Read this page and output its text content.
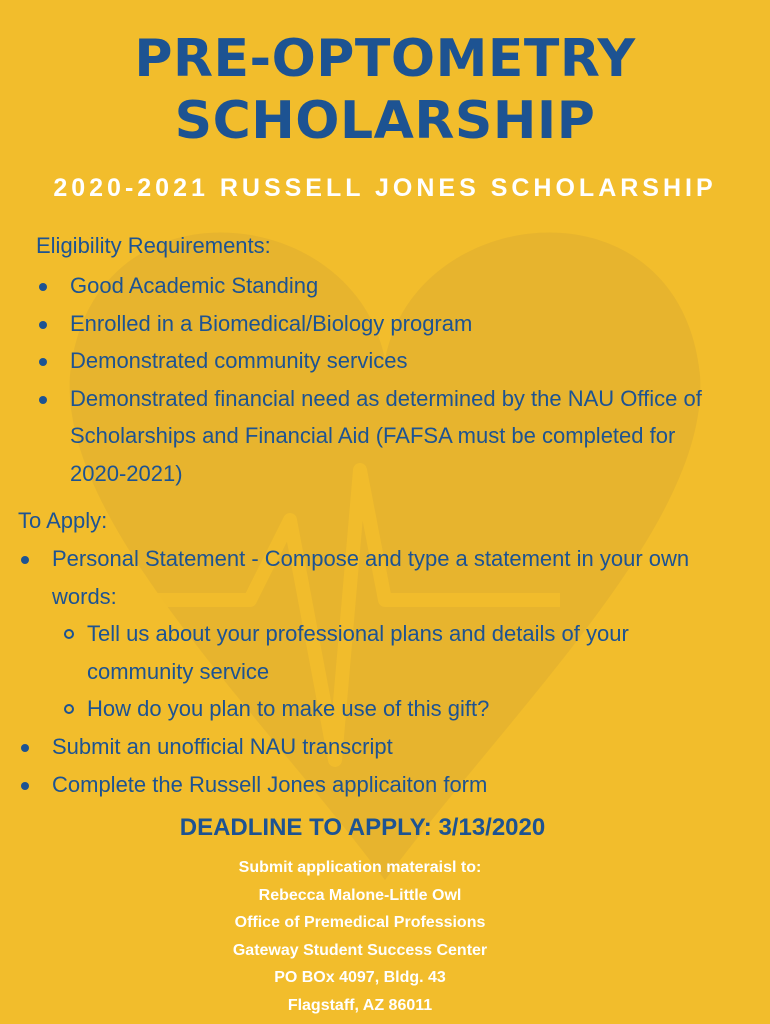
PRE-OPTOMETRY
SCHOLARSHIP
2020-2021 RUSSELL JONES SCHOLARSHIP

Eligibility Requirements:

Good Academic Standing
Enrolled in a Biomedical/Biology program
Demonstrated community services
Demonstrated financial need as determined by the NAU Office of Scholarships and Financial Aid (FAFSA must be completed for 2020-2021)

To Apply:

Personal Statement - Compose and type a statement in your own words:
Tell us about your professional plans and details of your community service
How do you plan to make use of this gift?
Submit an unofficial NAU transcript
Complete the Russell Jones applicaiton form

DEADLINE TO APPLY: 3/13/2020

Submit application materaisl to:
Rebecca Malone-Little Owl
Office of Premedical Professions
Gateway Student Success Center
PO BOx 4097, Bldg. 43
Flagstaff, AZ 86011
